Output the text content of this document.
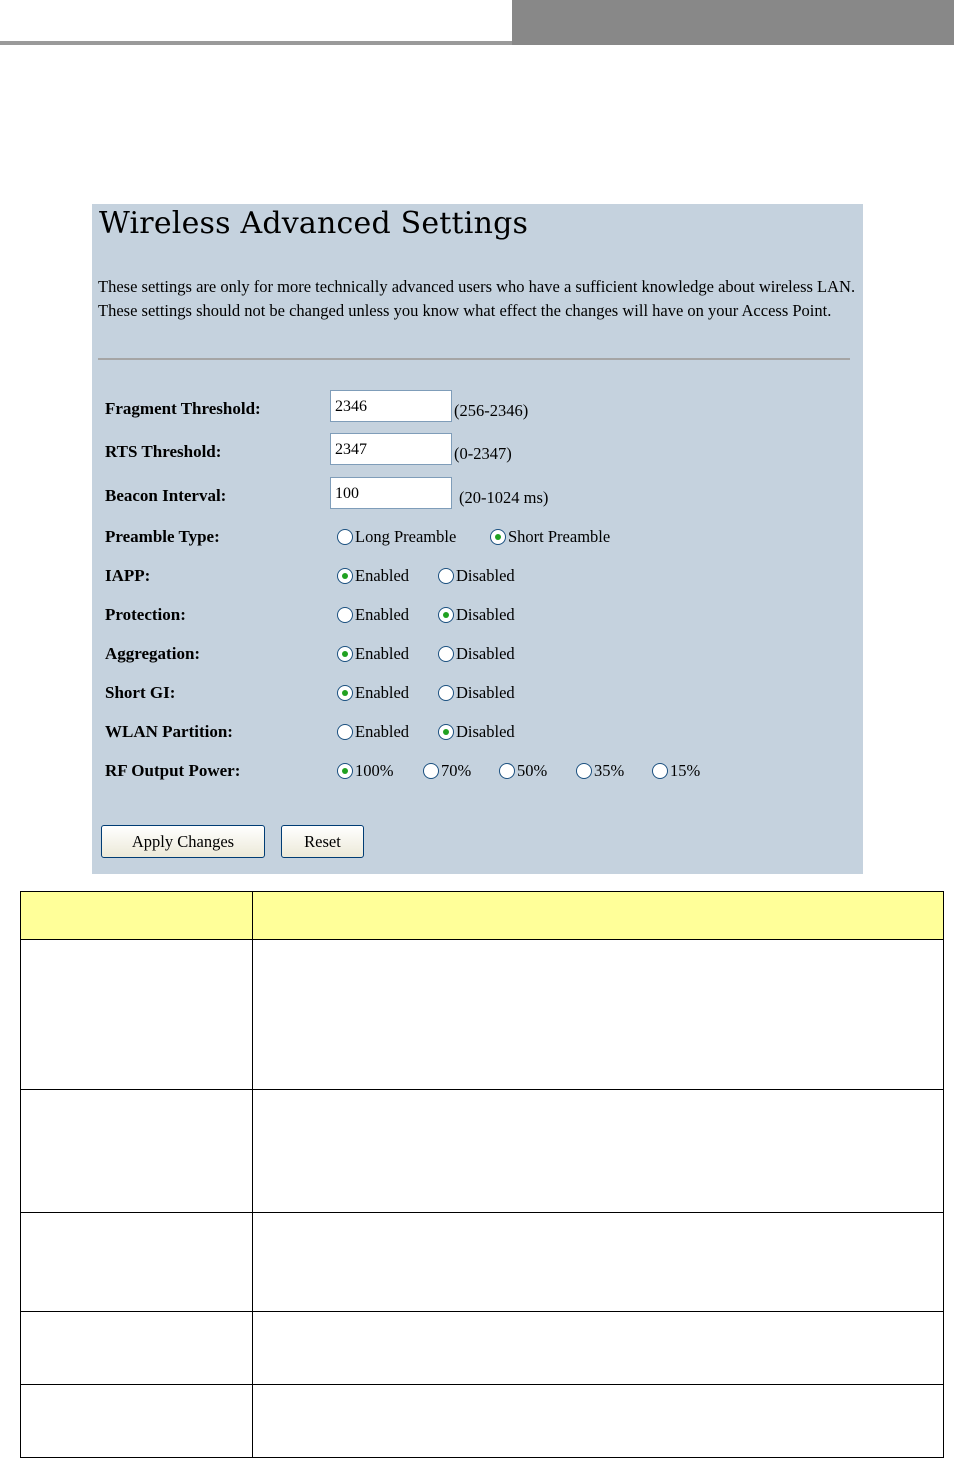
Wireless Advanced Settings

These settings are only for more technically advanced users who have a sufficient knowledge about wireless LAN. These settings should not be changed unless you know what effect the changes will have on your Access Point.

Fragment Threshold:
2346	(256-2346)
RTS Threshold:
2347	(0-2347)
Beacon Interval:
100	(20-1024 ms)
Preamble Type:	Long Preamble	Short Preamble
IAPP:	Enabled	Disabled
Protection:	Enabled	Disabled
Aggregation:	Enabled	Disabled
Short GI:	Enabled	Disabled
WLAN Partition:	Enabled	Disabled
RF Output Power:	100%	70%	50%	35%	15%
Apply Changes	Reset
